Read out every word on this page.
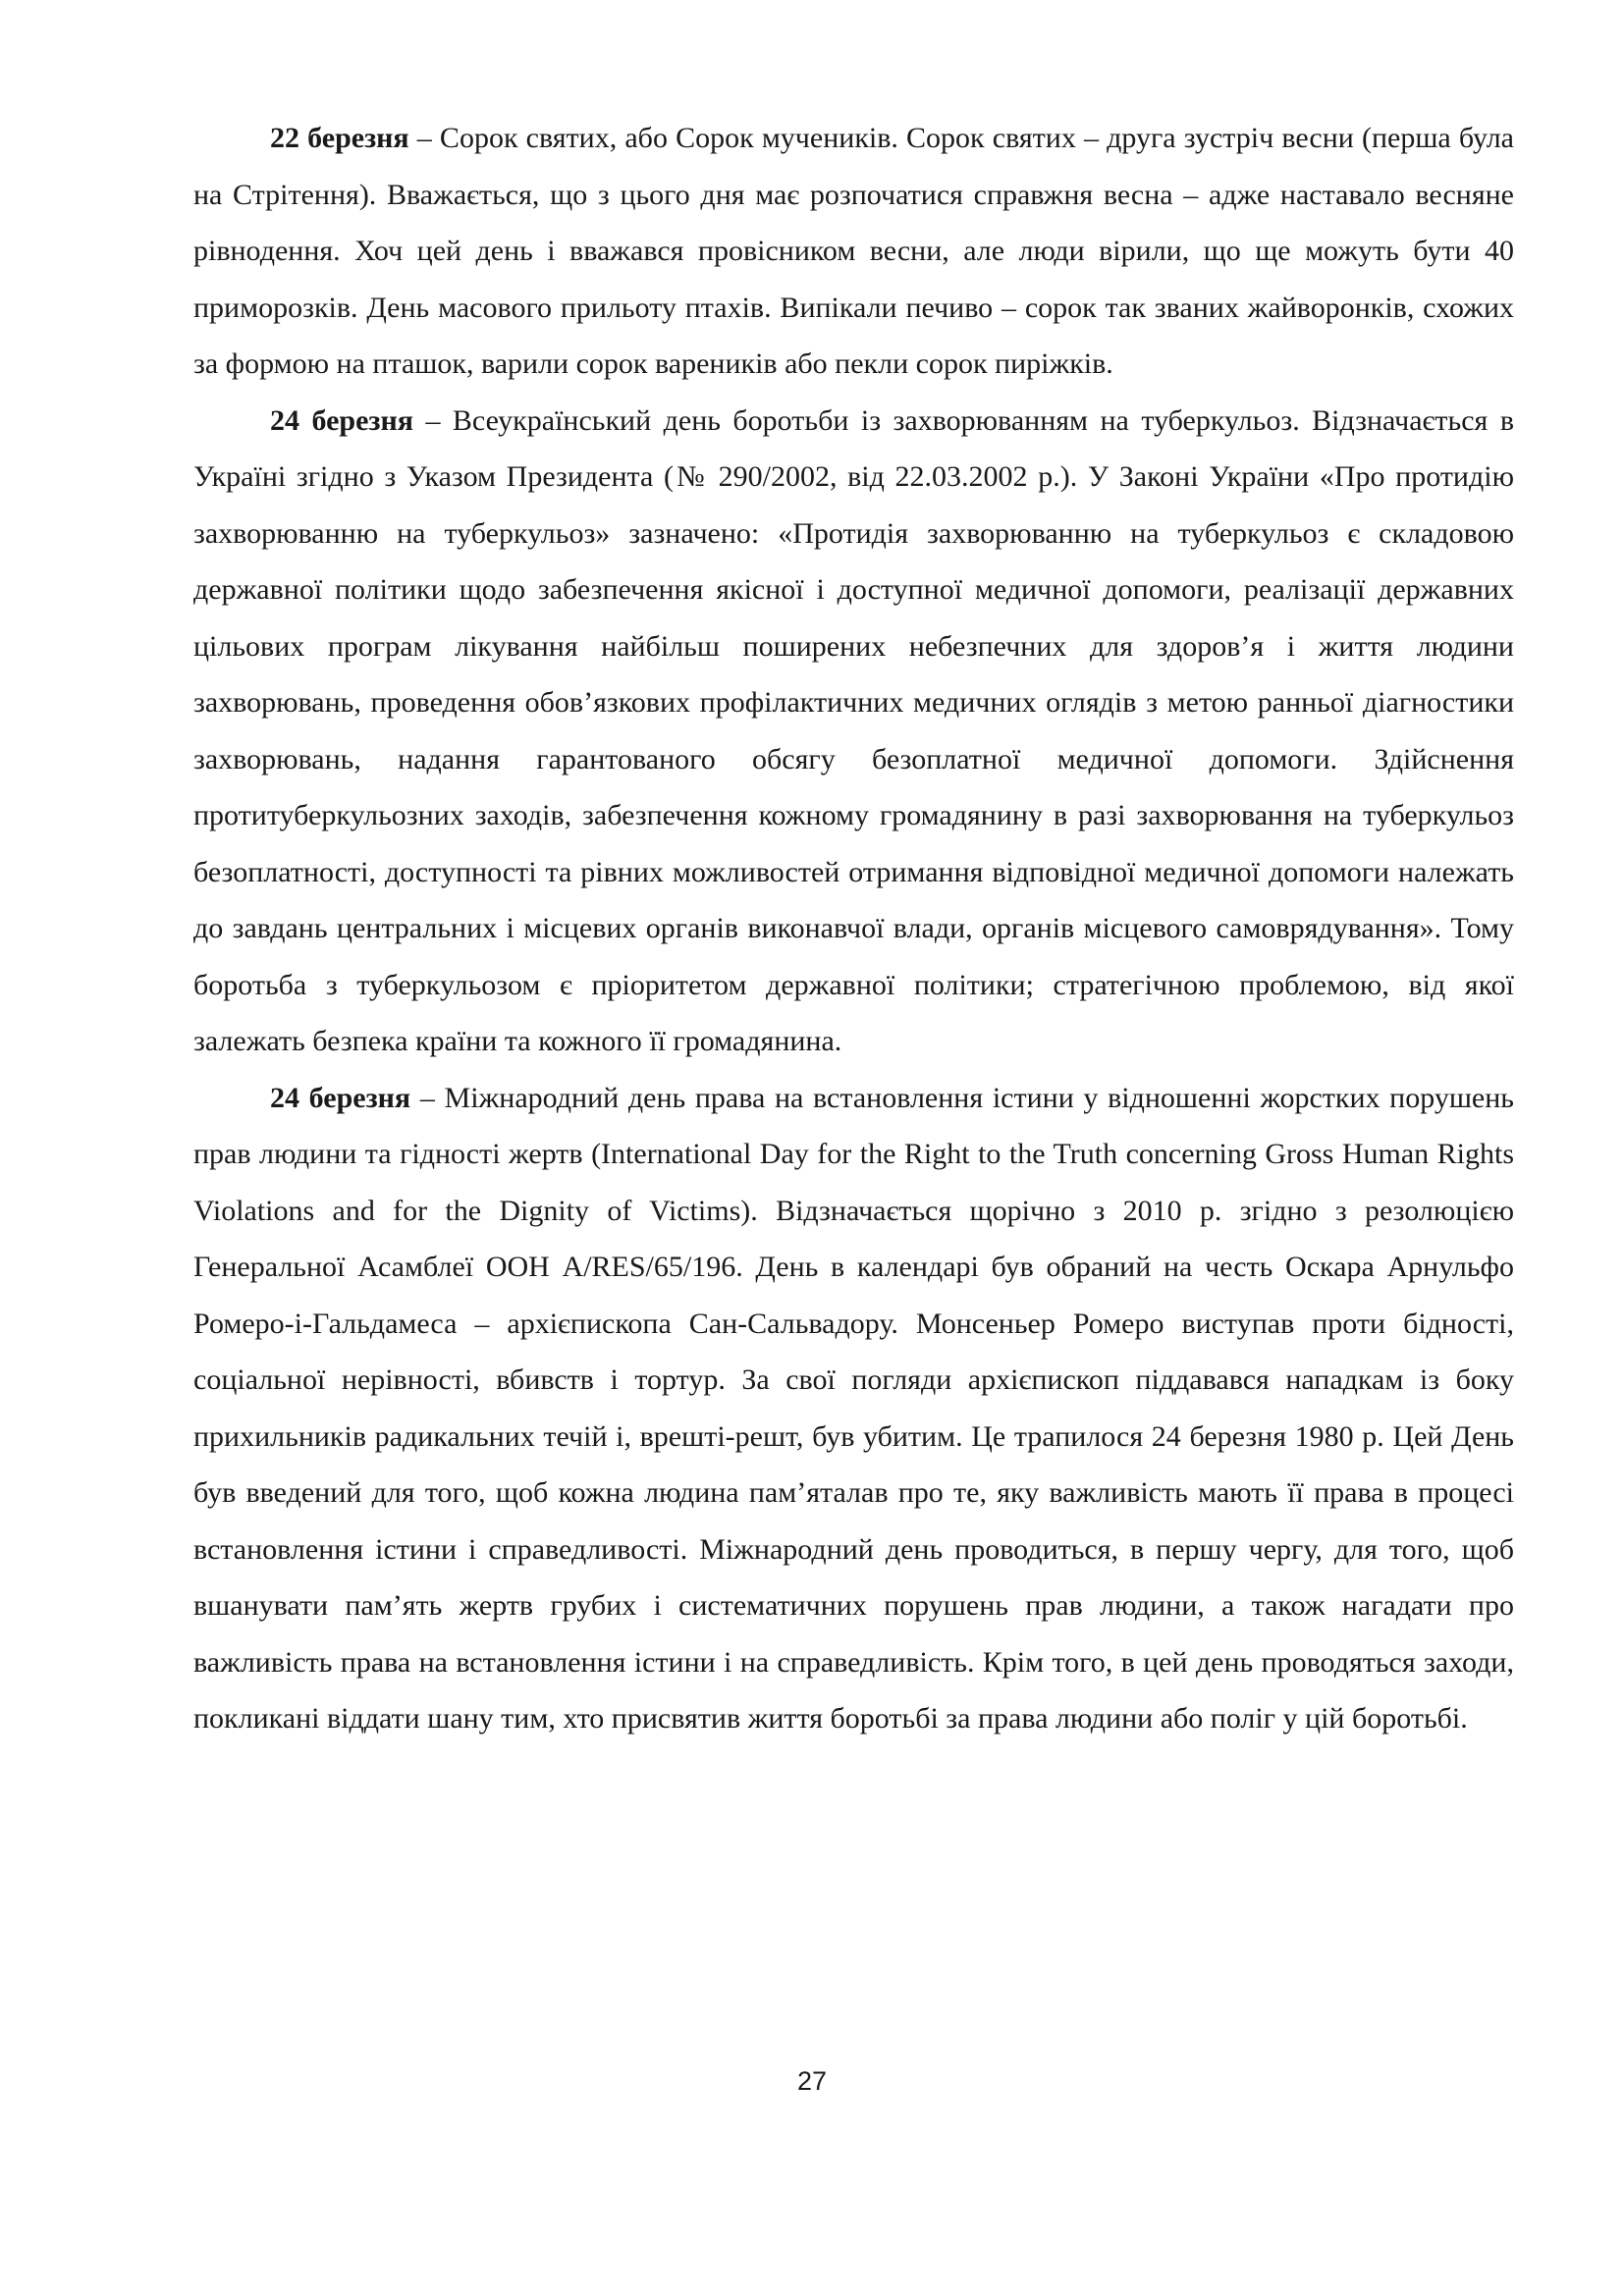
22 березня – Сорок святих, або Сорок мучеників. Сорок святих – друга зустріч весни (перша була на Стрітення). Вважається, що з цього дня має розпочатися справжня весна – адже наставало весняне рівнодення. Хоч цей день і вважався провісником весни, але люди вірили, що ще можуть бути 40 приморозків. День масового прильоту птахів. Випікали печиво – сорок так званих жайворонків, схожих за формою на пташок, варили сорок вареників або пекли сорок пиріжків.

24 березня – Всеукраїнський день боротьби із захворюванням на туберкульоз. Відзначається в Україні згідно з Указом Президента (№ 290/2002, від 22.03.2002 р.). У Законі України «Про протидію захворюванню на туберкульоз» зазначено: «Протидія захворюванню на туберкульоз є складовою державної політики щодо забезпечення якісної і доступної медичної допомоги, реалізації державних цільових програм лікування найбільш поширених небезпечних для здоров’я і життя людини захворювань, проведення обов’язкових профілактичних медичних оглядів з метою ранньої діагностики захворювань, надання гарантованого обсягу безоплатної медичної допомоги. Здійснення протитуберкульозних заходів, забезпечення кожному громадянину в разі захворювання на туберкульоз безоплатності, доступності та рівних можливостей отримання відповідної медичної допомоги належать до завдань центральних і місцевих органів виконавчої влади, органів місцевого самоврядування». Тому боротьба з туберкульозом є пріоритетом державної політики; стратегічною проблемою, від якої залежать безпека країни та кожного її громадянина.

24 березня – Міжнародний день права на встановлення істини у відношенні жорстких порушень прав людини та гідності жертв (International Day for the Right to the Truth concerning Gross Human Rights Violations and for the Dignity of Victims). Відзначається щорічно з 2010 р. згідно з резолюцією Генеральної Асамблеї ООН A/RES/65/196. День в календарі був обраний на честь Оскара Арнульфо Ромеро-і-Гальдамеса – архієпископа Сан-Сальвадору. Монсеньер Ромеро виступав проти бідності, соціальної нерівності, вбивств і тортур. За свої погляди архієпископ піддавався нападкам із боку прихильників радикальних течій і, врешті-решт, був убитим. Це трапилося 24 березня 1980 р. Цей День був введений для того, щоб кожна людина пам’яталав про те, яку важливість мають її права в процесі встановлення істини і справедливості. Міжнародний день проводиться, в першу чергу, для того, щоб вшанувати пам’ять жертв грубих і систематичних порушень прав людини, а також нагадати про важливість права на встановлення істини і на справедливість. Крім того, в цей день проводяться заходи, покликані віддати шану тим, хто присвятив життя боротьбі за права людини або поліг у цій боротьбі.

27
